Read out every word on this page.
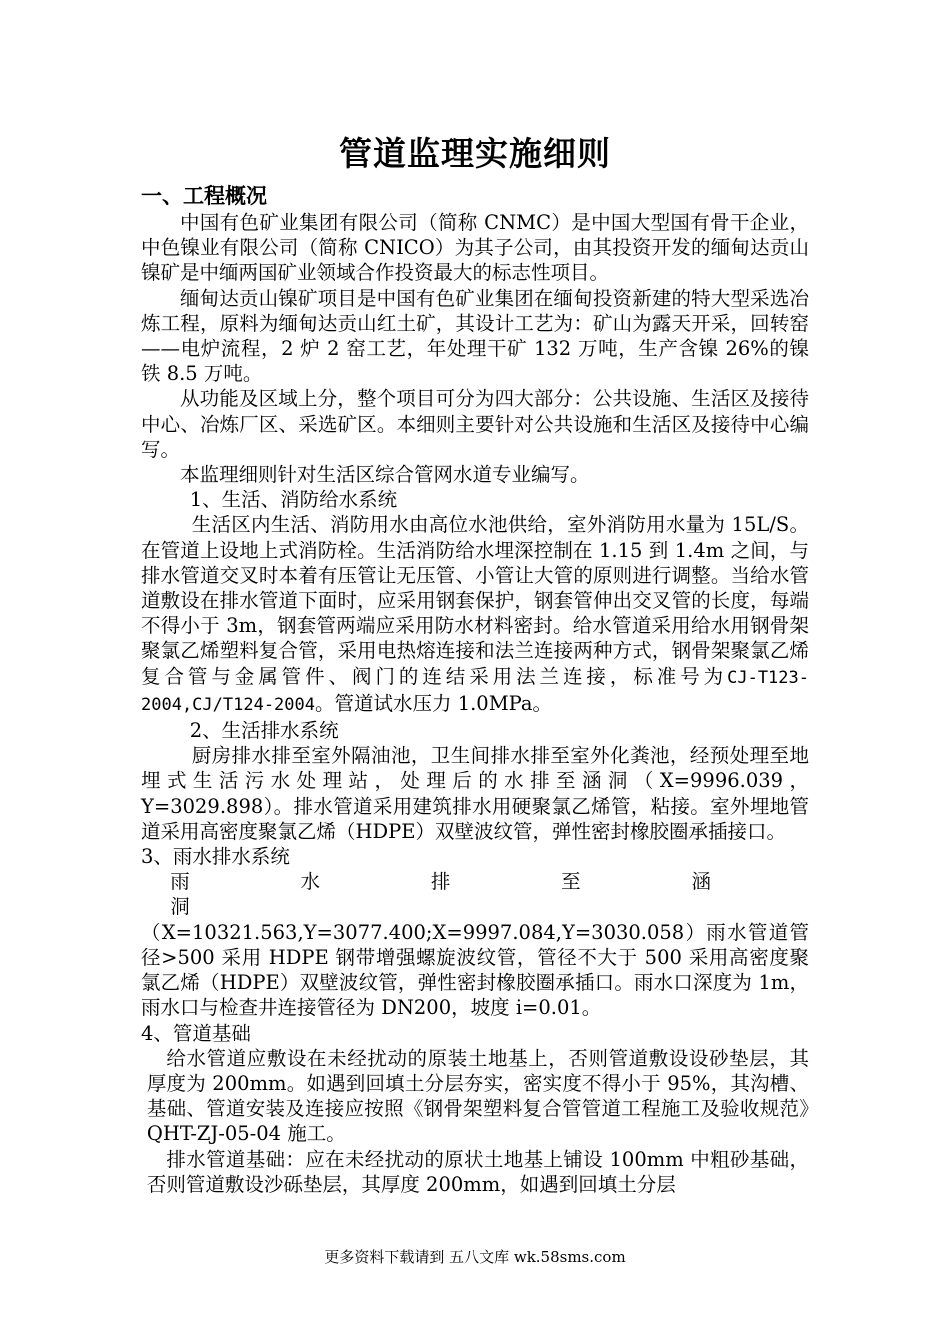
管道监理实施细则
一、工程概况

中国有色矿业集团有限公司（简称 CNMC）是中国大型国有骨干企业，中色镍业有限公司（简称 CNICO）为其子公司，由其投资开发的缅甸达贡山镍矿是中缅两国矿业领域合作投资最大的标志性项目。

缅甸达贡山镍矿项目是中国有色矿业集团在缅甸投资新建的特大型采选冶炼工程，原料为缅甸达贡山红土矿，其设计工艺为：矿山为露天开采，回转窑——电炉流程，2 炉 2 窑工艺，年处理干矿 132 万吨，生产含镍 26%的镍铁 8.5 万吨。

从功能及区域上分，整个项目可分为四大部分：公共设施、生活区及接待中心、冶炼厂区、采选矿区。本细则主要针对公共设施和生活区及接待中心编写。

本监理细则针对生活区综合管网水道专业编写。

1、生活、消防给水系统

生活区内生活、消防用水由高位水池供给，室外消防用水量为 15L/S。在管道上设地上式消防栓。生活消防给水埋深控制在 1.15 到 1.4m 之间，与排水管道交叉时本着有压管让无压管、小管让大管的原则进行调整。当给水管道敷设在排水管道下面时，应采用钢套保护，钢套管伸出交叉管的长度，每端不得小于 3m，钢套管两端应采用防水材料密封。给水管道采用给水用钢骨架聚氯乙烯塑料复合管，采用电热熔连接和法兰连接两种方式，钢骨架聚氯乙烯复合管与金属管件、阀门的连结采用法兰连接，标准号为CJ-T123-2004,CJ/T124-2004。管道试水压力 1.0MPa。

2、生活排水系统

厨房排水排至室外隔油池，卫生间排水排至室外化粪池，经预处理至地埋式生活污水处理站，处理后的水排至涵洞（X=9996.039，Y=3029.898）。排水管道采用建筑排水用硬聚氯乙烯管，粘接。室外埋地管道采用高密度聚氯乙烯（HDPE）双壁波纹管，弹性密封橡胶圈承插接口。

3、雨水排水系统

雨水排至涵洞

（X=10321.563,Y=3077.400;X=9997.084,Y=3030.058）雨水管道管径>500 采用 HDPE 钢带增强螺旋波纹管，管径不大于 500 采用高密度聚氯乙烯（HDPE）双壁波纹管，弹性密封橡胶圈承插口。雨水口深度为 1m，雨水口与检查井连接管径为 DN200，坡度 i=0.01。

4、管道基础

给水管道应敷设在未经扰动的原装土地基上，否则管道敷设设砂垫层，其厚度为 200mm。如遇到回填土分层夯实，密实度不得小于 95%，其沟槽、基础、管道安装及连接应按照《钢骨架塑料复合管管道工程施工及验收规范》QHT-ZJ-05-04 施工。

排水管道基础：应在未经扰动的原状土地基上铺设 100mm 中粗砂基础，否则管道敷设沙砾垫层，其厚度 200mm，如遇到回填土分层

更多资料下载请到 五八文库 wk.58sms.com
